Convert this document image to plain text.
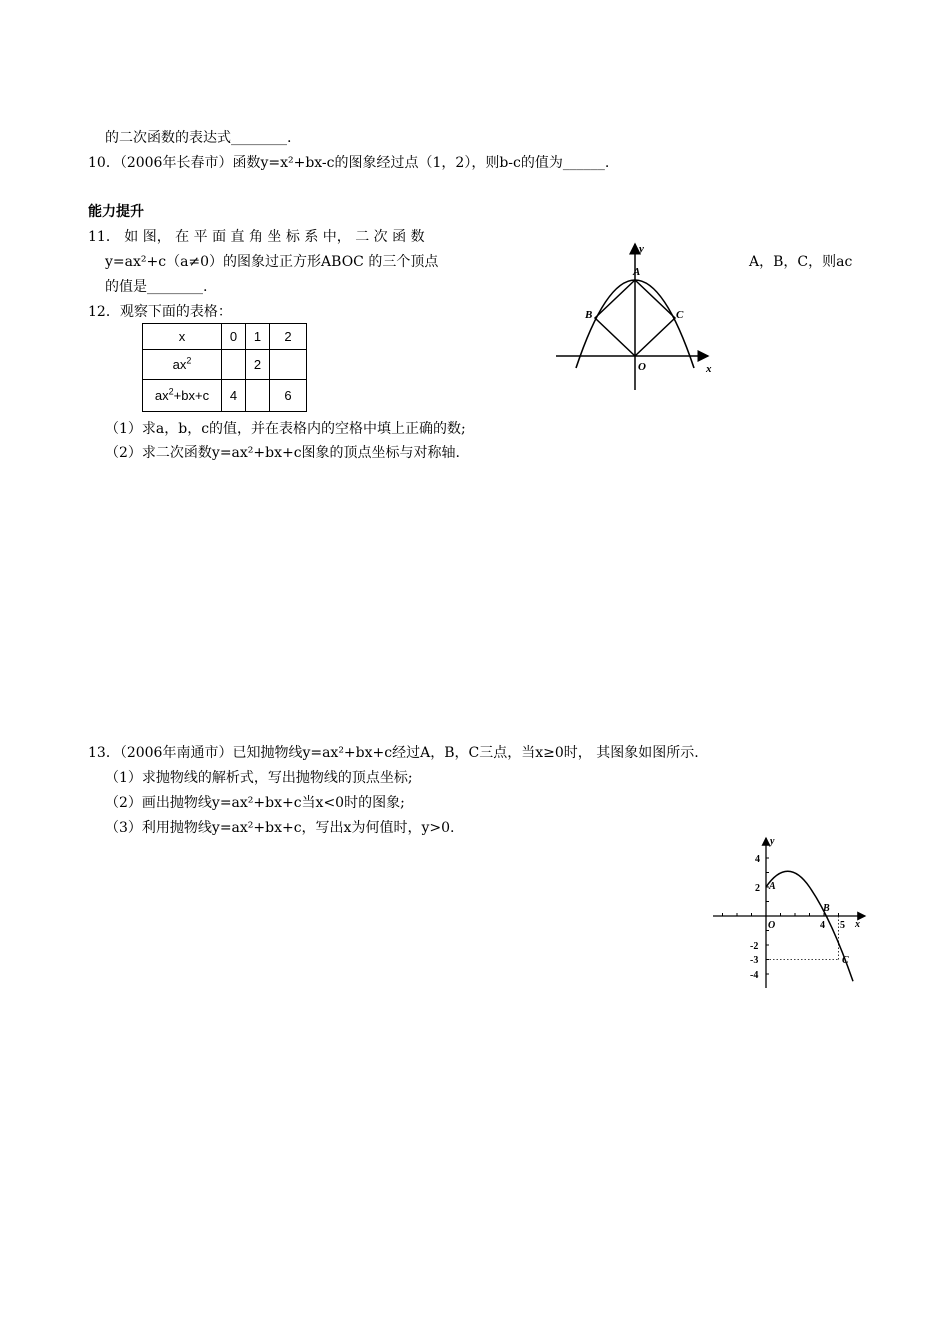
的二次函数的表达式________.
10．（2006年长春市）函数y=x²+bx-c的图象经过点（1，2），则b-c的值为______.
能力提升
11． 如 图， 在 平 面 直 角 坐 标 系 中， 二 次 函 数
y=ax²+c（a≠0）的图象过正方形ABOC 的三个顶点	A，B，C，则ac
的值是________.
12．观察下面的表格：
x	0	1	2
$ax^2$		2	
$ax^2+bx+c$	4		6
（1）求a，b，c的值，并在表格内的空格中填上正确的数;
（2）求二次函数y=ax²+bx+c图象的顶点坐标与对称轴.
y
x
A
B	C
O
13．（2006年南通市）已知抛物线y=ax²+bx+c经过A，B，C三点，当x≥0时， 其图象如图所示.
（1）求抛物线的解析式，写出抛物线的顶点坐标;
（2）画出抛物线y=ax²+bx+c当x<0时的图象;
（3）利用抛物线y=ax²+bx+c，写出x为何值时，y>0.
y
x
O
A
B
C
4
2
-2
-3
-4
4 5
